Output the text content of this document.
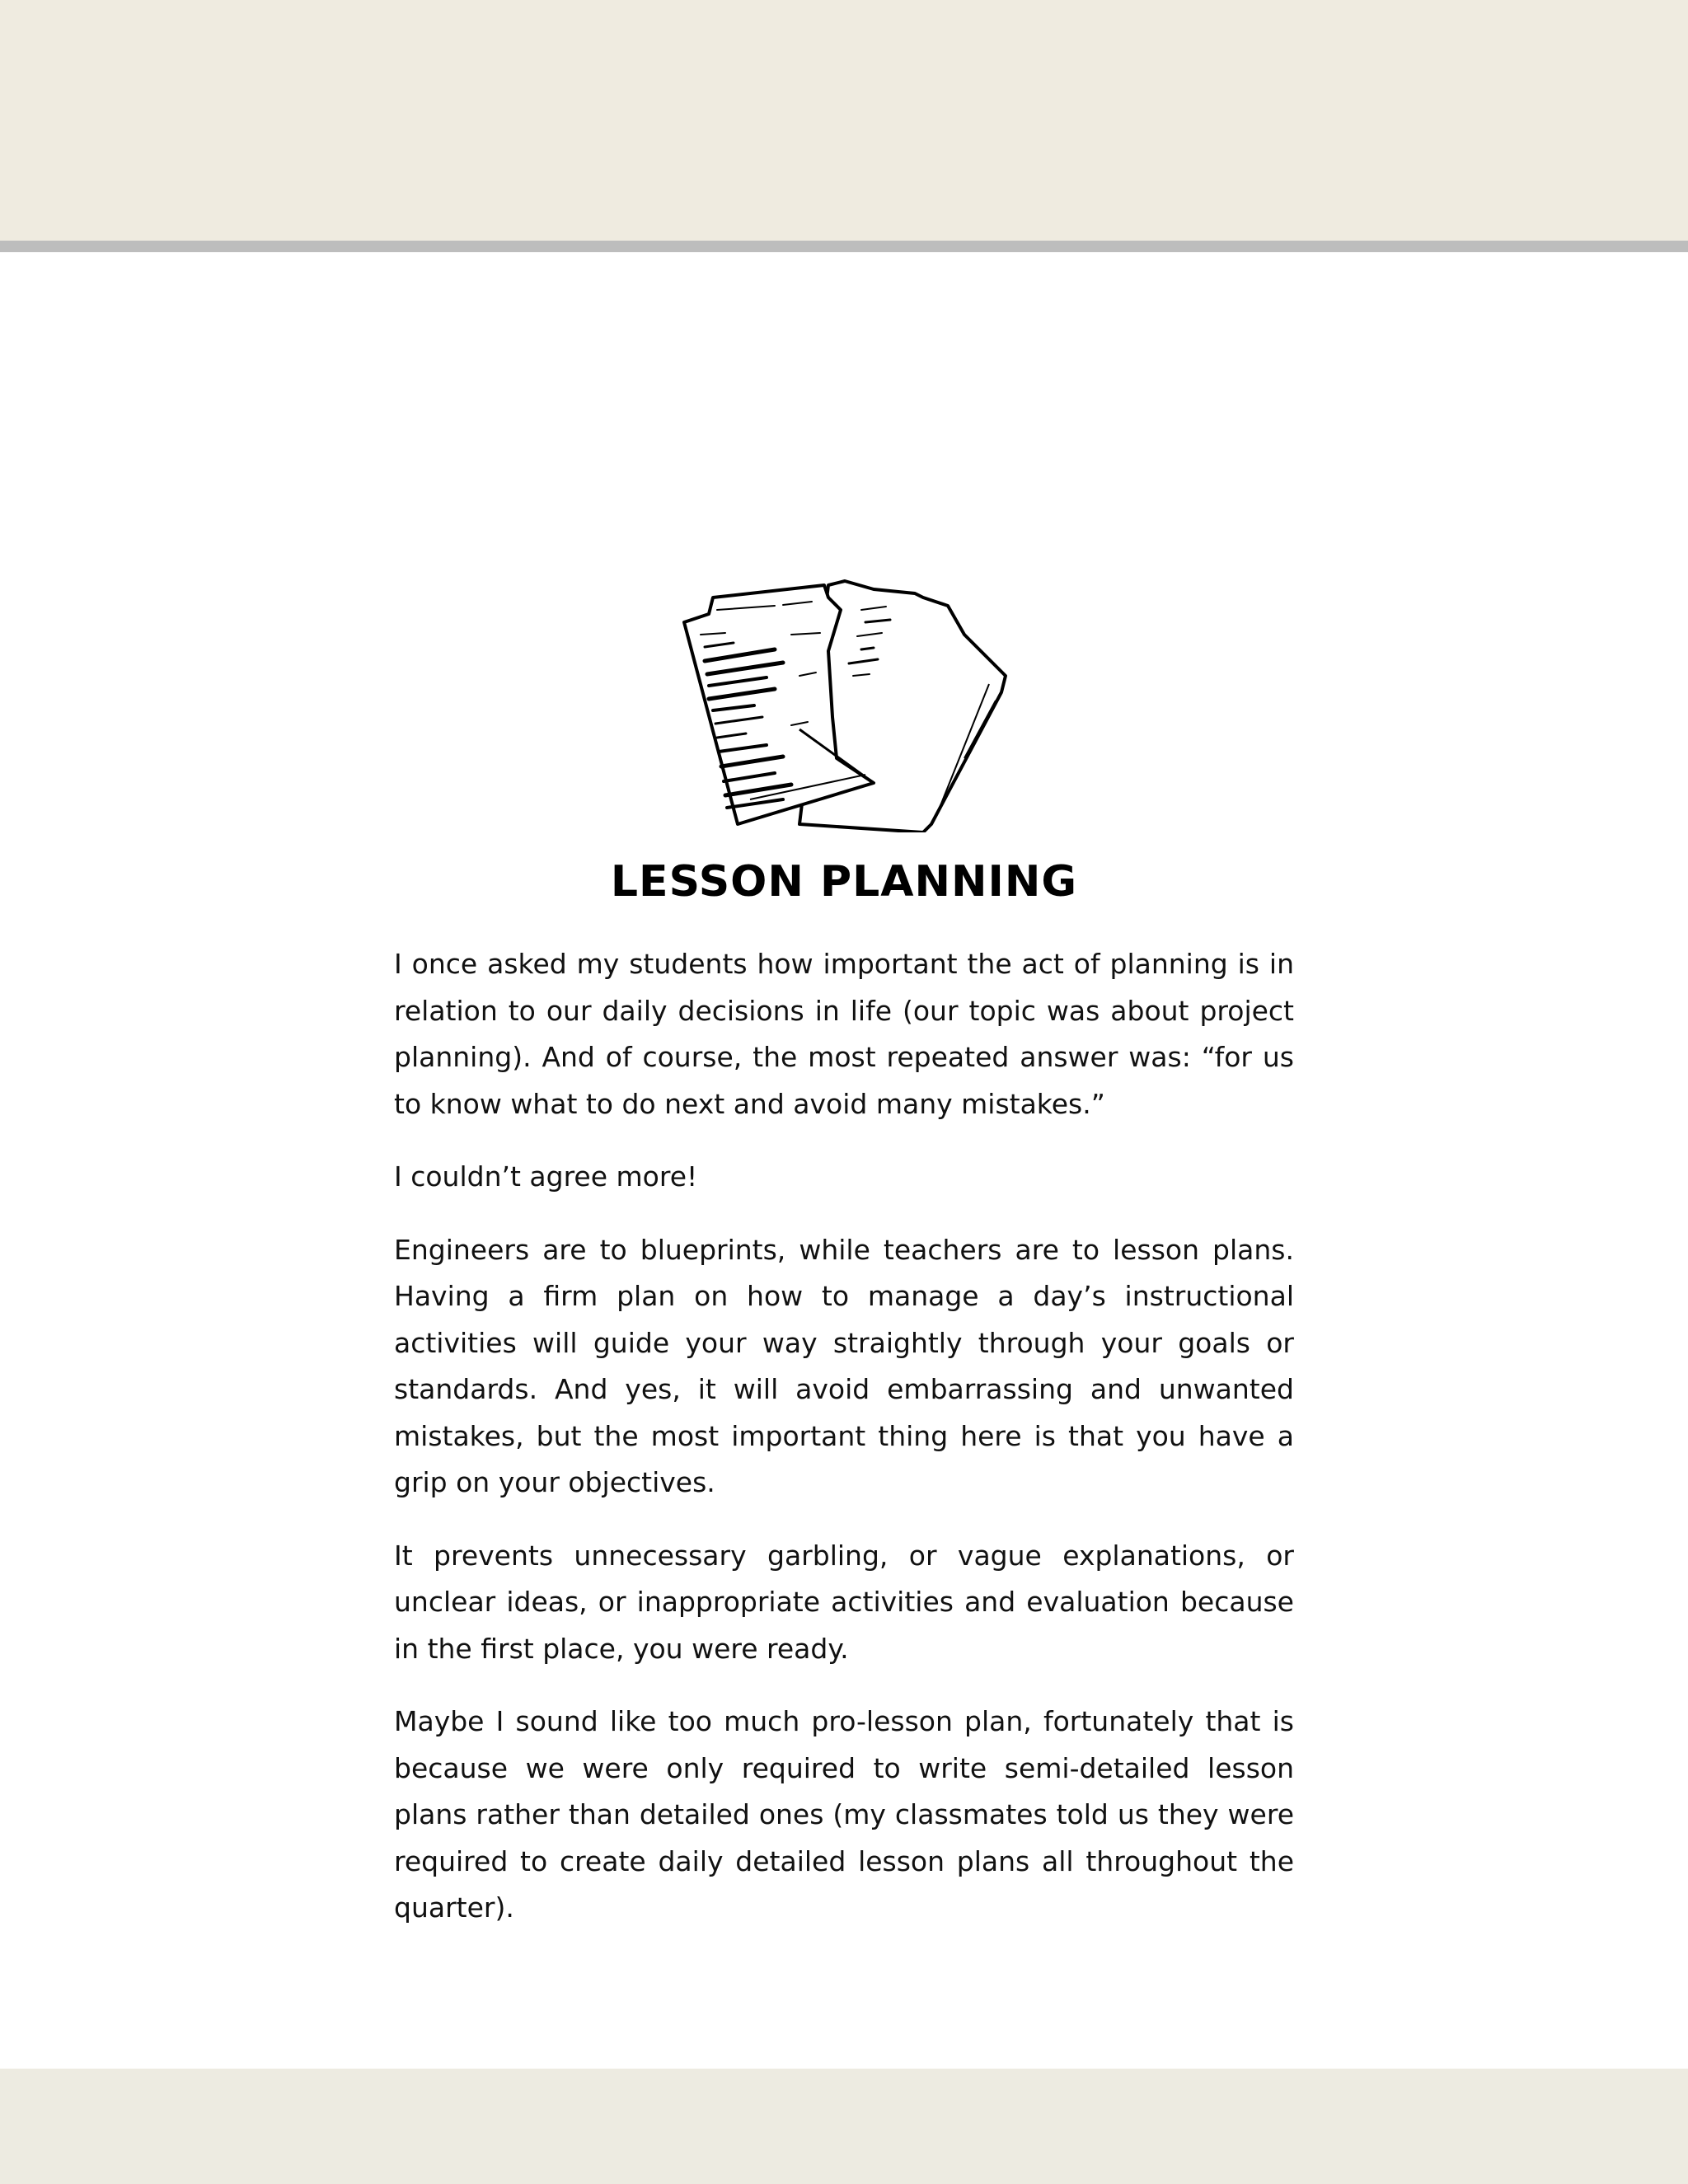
LESSON PLANNING

I once asked my students how important the act of planning is in relation to our daily decisions in life (our topic was about project planning). And of course, the most repeated answer was: “for us to know what to do next and avoid many mistakes.”

I couldn’t agree more!

Engineers are to blueprints, while teachers are to lesson plans. Having a firm plan on how to manage a day’s instructional activities will guide your way straightly through your goals or standards. And yes, it will avoid embarrassing and unwanted mistakes, but the most important thing here is that you have a grip on your objectives.

It prevents unnecessary garbling, or vague explanations, or unclear ideas, or inappropriate activities and evaluation because in the first place, you were ready.

Maybe I sound like too much pro-lesson plan, fortunately that is because we were only required to write semi-detailed lesson plans rather than detailed ones (my classmates told us they were required to create daily detailed lesson plans all throughout the quarter).
